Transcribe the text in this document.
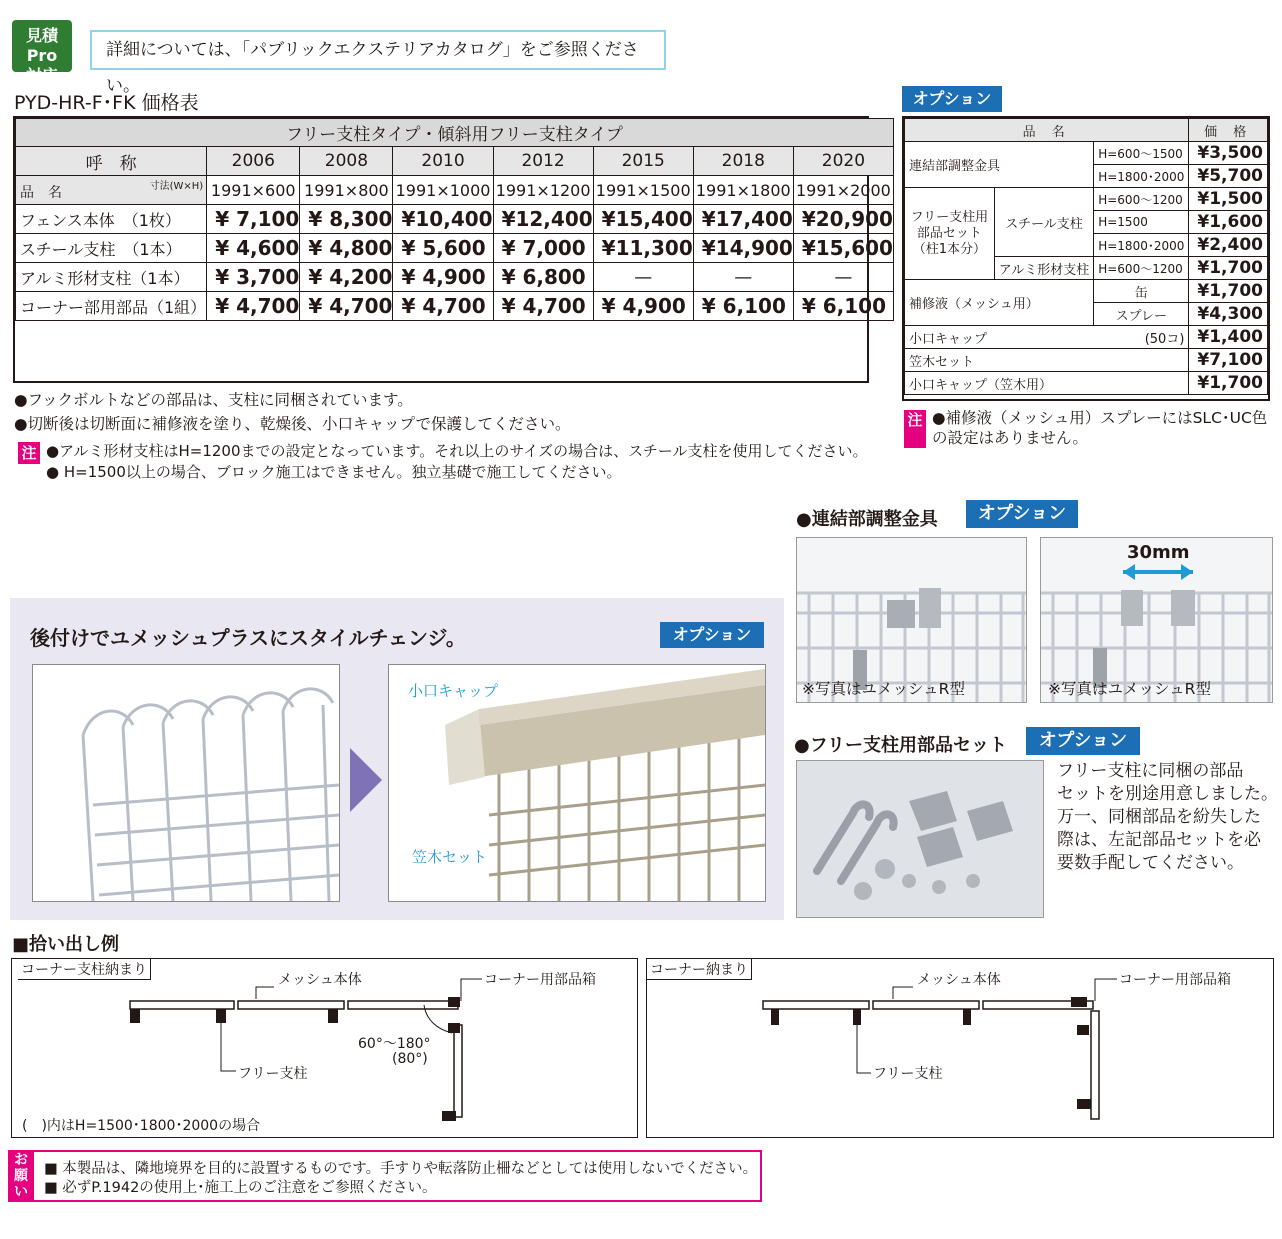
見積Pro
対応
詳細については、「パブリックエクステリアカタログ」をご参照ください。
PYD-HR-F･FK 価格表
フリー支柱タイプ・傾斜用フリー支柱タイプ							
呼　称	2006	2008	2010	2012	2015	2018	2020

品　名 寸法(W×H)	1991×600	1991×800	1991×1000	1991×1200	1991×1500	1991×1800	1991×2000
フェンス本体　（1枚）	¥ 7,100	¥ 8,300	¥10,400	¥12,400	¥15,400	¥17,400	¥20,900
スチール支柱　（1本）	¥ 4,600	¥ 4,800	¥ 5,600	¥ 7,000	¥11,300	¥14,900	¥15,600
アルミ形材支柱（1本）	¥ 3,700	¥ 4,200	¥ 4,900	¥ 6,800	—	—	—
コーナー部用部品（1組）	¥ 4,700	¥ 4,700	¥ 4,700	¥ 4,700	¥ 4,900	¥ 6,100	¥ 6,100
●フックボルトなどの部品は、支柱に同梱されています。
●切断後は切断面に補修液を塗り、乾燥後、小口キャップで保護してください。
注 ●アルミ形材支柱はH=1200までの設定となっています。それ以上のサイズの場合は、スチール支柱を使用してください。
● H=1500以上の場合、ブロック施工はできません。独立基礎で施工してください。
オプション
品 名			価 格
連結部調整金具		H=600～1500	¥3,500
		H=1800･2000	¥5,700
フリー支柱用部品セット（柱1本分）	スチール支柱	H=600～1200	¥1,500
		H=1500	¥1,600
		H=1800･2000	¥2,400
	アルミ形材支柱	H=600～1200	¥1,700
補修液（メッシュ用）		缶	¥1,700
		スプレー	¥4,300
小口キャップ		(50コ)	¥1,400
笠木セット			¥7,100
小口キャップ（笠木用）			¥1,700
注 ●補修液（メッシュ用）スプレーにはSLC･UC色の設定はありません。
●連結部調整金具	オプション
※写真はユメッシュR型
30mm
※写真はユメッシュR型
後付けでユメッシュプラスにスタイルチェンジ。	オプション
小口キャップ
笠木セット
●フリー支柱用部品セット	オプション
フリー支柱に同梱の部品
セットを別途用意しました。
万一、同梱部品を紛失した
際は、左記部品セットを必
要数手配してください。
■拾い出し例
コーナー支柱納まり
メッシュ本体	コーナー用部品箱
フリー支柱
60°～180°
(80°)
(　)内はH=1500･1800･2000の場合
コーナー納まり
メッシュ本体	コーナー用部品箱
フリー支柱
お願い
■ 本製品は、隣地境界を目的に設置するものです。手すりや転落防止柵などとしては使用しないでください。
■ 必ずP.1942の使用上･施工上のご注意をご参照ください。
